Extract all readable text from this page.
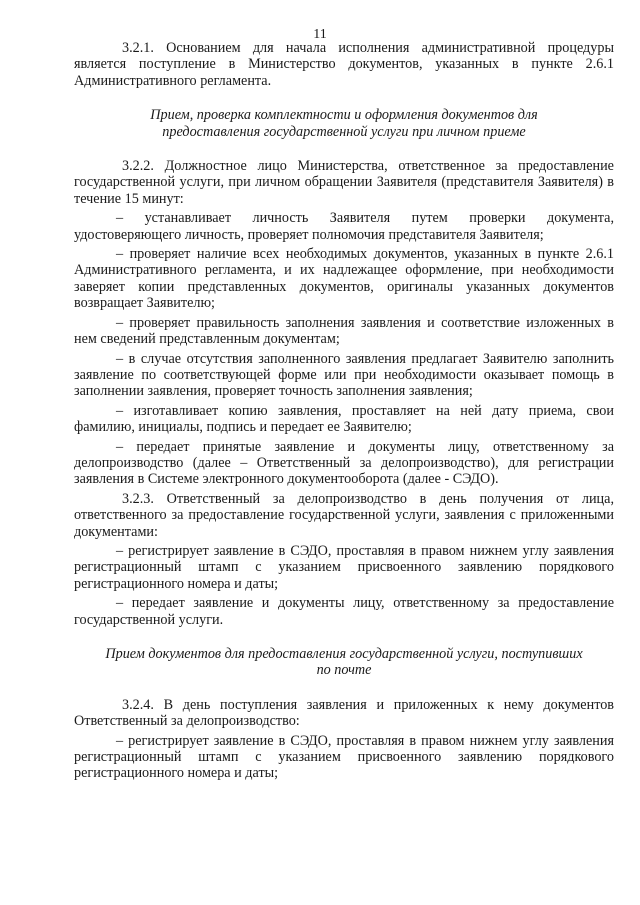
11

3.2.1. Основанием для начала исполнения административной процедуры является поступление в Министерство документов, указанных в пункте 2.6.1 Административного регламента.

Прием, проверка комплектности и оформления документов для предоставления государственной услуги при личном приеме

3.2.2. Должностное лицо Министерства, ответственное за предоставление государственной услуги, при личном обращении Заявителя (представителя Заявителя) в течение 15 минут:

– устанавливает личность Заявителя путем проверки документа, удостоверяющего личность, проверяет полномочия представителя Заявителя;

– проверяет наличие всех необходимых документов, указанных в пункте 2.6.1 Административного регламента, и их надлежащее оформление, при необходимости заверяет копии представленных документов, оригиналы указанных документов возвращает Заявителю;

– проверяет правильность заполнения заявления и соответствие изложенных в нем сведений представленным документам;

– в случае отсутствия заполненного заявления предлагает Заявителю заполнить заявление по соответствующей форме или при необходимости оказывает помощь в заполнении заявления, проверяет точность заполнения заявления;

– изготавливает копию заявления, проставляет на ней дату приема, свои фамилию, инициалы, подпись и передает ее Заявителю;

– передает принятые заявление и документы лицу, ответственному за делопроизводство (далее – Ответственный за делопроизводство), для регистрации заявления в Системе электронного документооборота (далее - СЭДО).

3.2.3. Ответственный за делопроизводство в день получения от лица, ответственного за предоставление государственной услуги, заявления с приложенными документами:

– регистрирует заявление в СЭДО, проставляя в правом нижнем углу заявления регистрационный штамп с указанием присвоенного заявлению порядкового регистрационного номера и даты;

– передает заявление и документы лицу, ответственному за предоставление государственной услуги.

Прием документов для предоставления государственной услуги, поступивших по почте

3.2.4. В день поступления заявления и приложенных к нему документов Ответственный за делопроизводство:

– регистрирует заявление в СЭДО, проставляя в правом нижнем углу заявления регистрационный штамп с указанием присвоенного заявлению порядкового регистрационного номера и даты;
